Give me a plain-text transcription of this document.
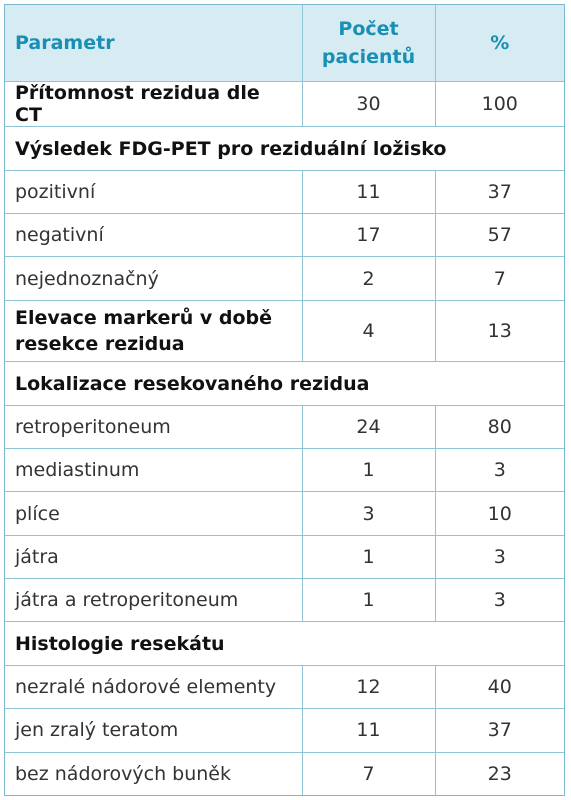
Parametr	Počet pacientů	%
Přítomnost rezidua dle CT	30	100
Výsledek FDG-PET pro reziduální ložisko		
pozitivní	11	37
negativní	17	57
nejednoznačný	2	7
Elevace markerů v době resekce rezidua	4	13
Lokalizace resekovaného rezidua		
retroperitoneum	24	80
mediastinum	1	3
plíce	3	10
játra	1	3
játra a retroperitoneum	1	3
Histologie resekátu		
nezralé nádorové elementy	12	40
jen zralý teratom	11	37
bez nádorových buněk	7	23
